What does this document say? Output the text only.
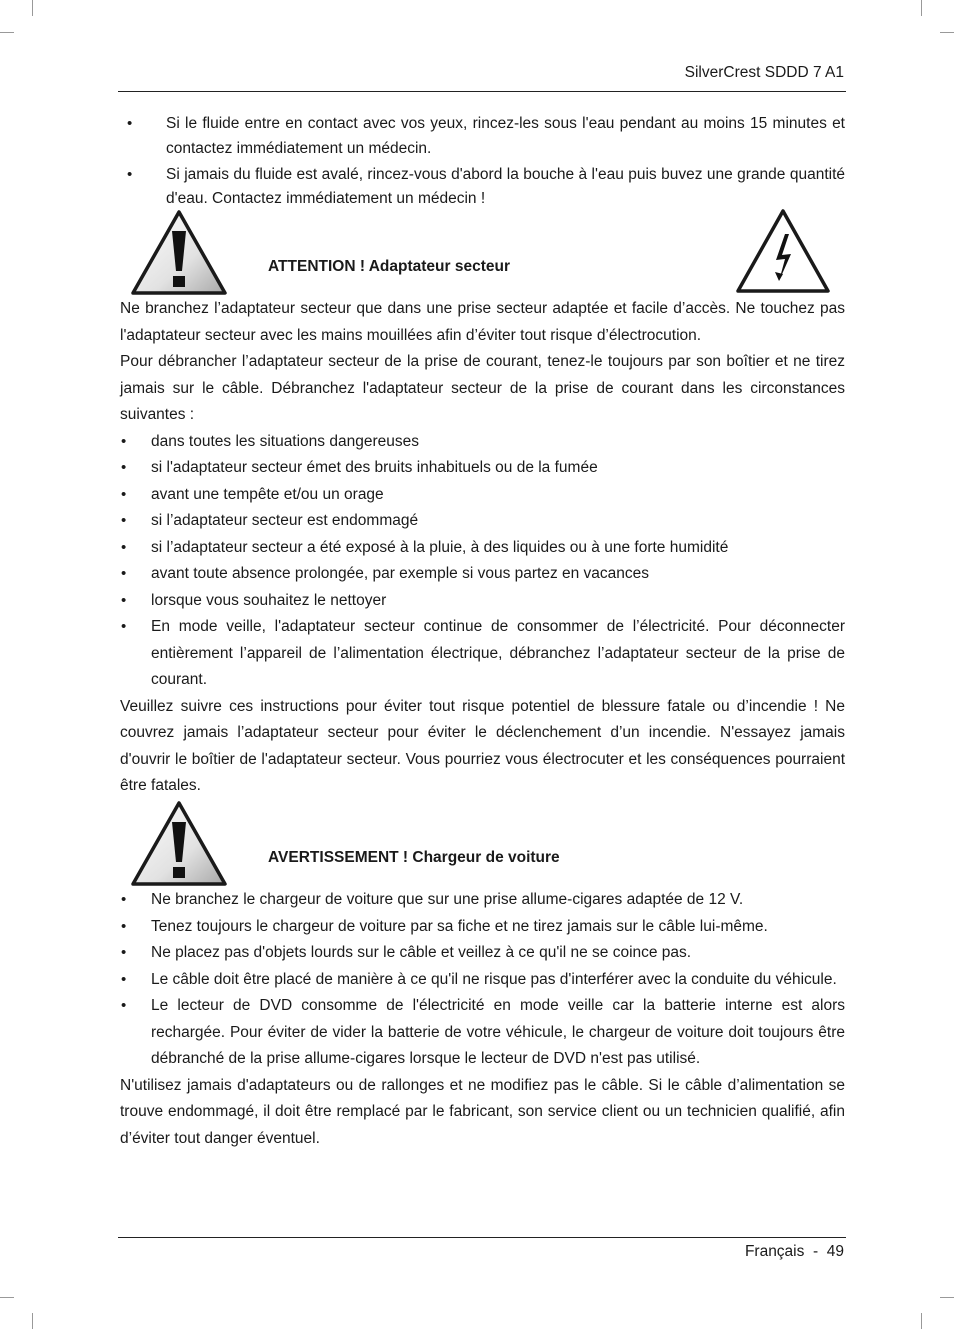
SilverCrest SDDD 7 A1
• Si le fluide entre en contact avec vos yeux, rincez-les sous l'eau pendant au moins 15 minutes et contactez immédiatement un médecin.
• Si jamais du fluide est avalé, rincez-vous d'abord la bouche à l'eau puis buvez une grande quantité d'eau. Contactez immédiatement un médecin !
ATTENTION ! Adaptateur secteur

Ne branchez l’adaptateur secteur que dans une prise secteur adaptée et facile d’accès. Ne touchez pas l'adaptateur secteur avec les mains mouillées afin d’éviter tout risque d’électrocution.

Pour débrancher l’adaptateur secteur de la prise de courant, tenez-le toujours par son boîtier et ne tirez jamais sur le câble. Débranchez l'adaptateur secteur de la prise de courant dans les circonstances suivantes :

• dans toutes les situations dangereuses
• si l'adaptateur secteur émet des bruits inhabituels ou de la fumée
• avant une tempête et/ou un orage
• si l’adaptateur secteur est endommagé
• si l’adaptateur secteur a été exposé à la pluie, à des liquides ou à une forte humidité
• avant toute absence prolongée, par exemple si vous partez en vacances
• lorsque vous souhaitez le nettoyer
• En mode veille, l'adaptateur secteur continue de consommer de l’électricité. Pour déconnecter entièrement l’appareil de l’alimentation électrique, débranchez l’adaptateur secteur de la prise de courant.

Veuillez suivre ces instructions pour éviter tout risque potentiel de blessure fatale ou d’incendie ! Ne couvrez jamais l’adaptateur secteur pour éviter le déclenchement d’un incendie. N'essayez jamais d'ouvrir le boîtier de l'adaptateur secteur. Vous pourriez vous électrocuter et les conséquences pourraient être fatales.

AVERTISSEMENT ! Chargeur de voiture
• Ne branchez le chargeur de voiture que sur une prise allume-cigares adaptée de 12 V.
• Tenez toujours le chargeur de voiture par sa fiche et ne tirez jamais sur le câble lui-même.
• Ne placez pas d'objets lourds sur le câble et veillez à ce qu'il ne se coince pas.
• Le câble doit être placé de manière à ce qu'il ne risque pas d'interférer avec la conduite du véhicule.
• Le lecteur de DVD consomme de l'électricité en mode veille car la batterie interne est alors rechargée. Pour éviter de vider la batterie de votre véhicule, le chargeur de voiture doit toujours être débranché de la prise allume-cigares lorsque le lecteur de DVD n'est pas utilisé.

N'utilisez jamais d'adaptateurs ou de rallonges et ne modifiez pas le câble. Si le câble d’alimentation se trouve endommagé, il doit être remplacé par le fabricant, son service client ou un technicien qualifié, afin d’éviter tout danger éventuel.

Français  -  49
